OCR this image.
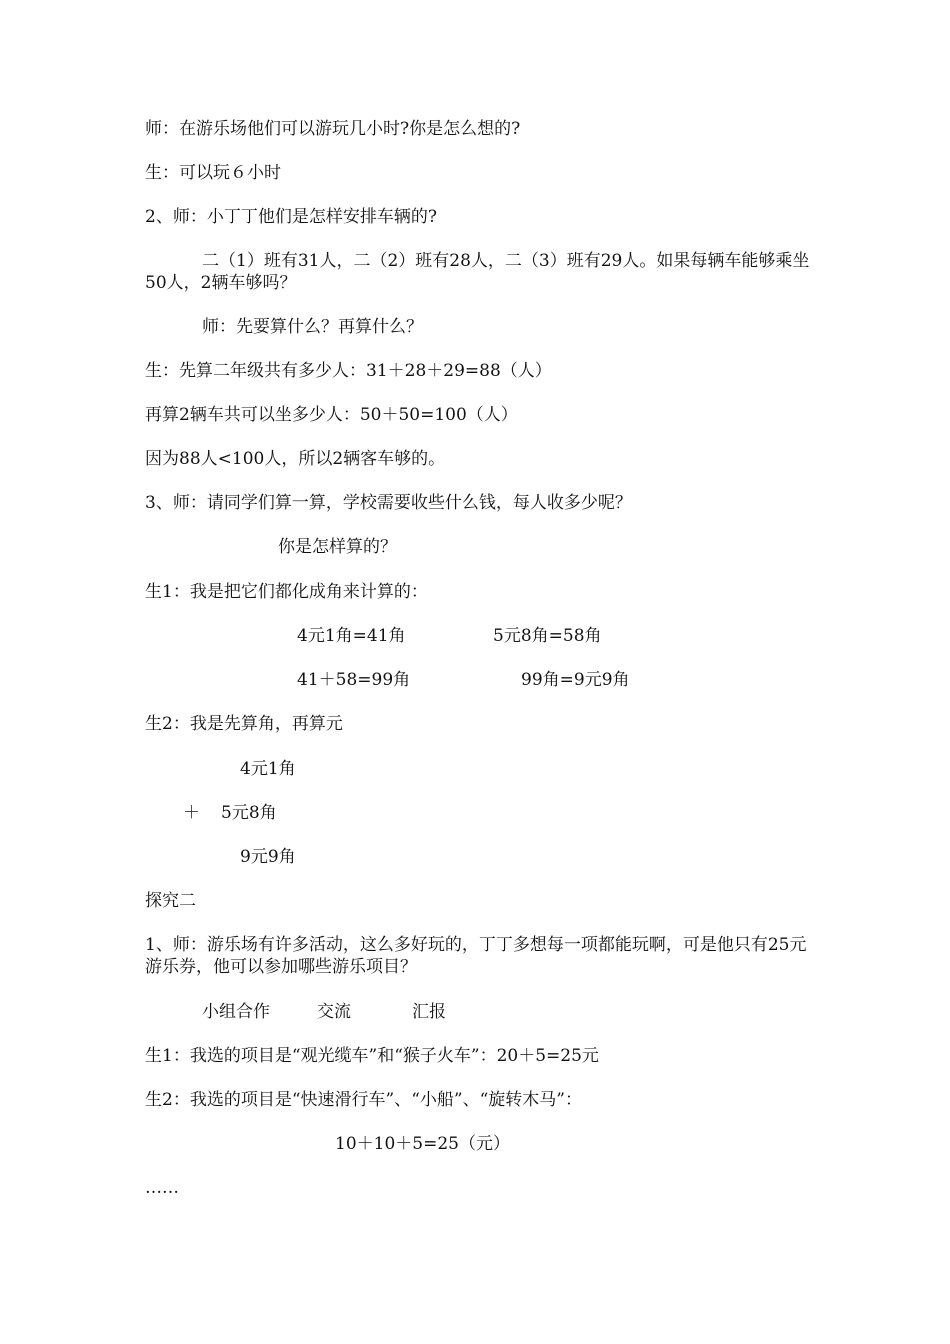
师：在游乐场他们可以游玩几小时?你是怎么想的?
生：可以玩６小时
2、师：小丁丁他们是怎样安排车辆的?
二（1）班有31人，二（2）班有28人，二（3）班有29人。如果每辆车能够乘坐50人，2辆车够吗？
师：先要算什么？再算什么？
生：先算二年级共有多少人：31＋28＋29=88（人）
再算2辆车共可以坐多少人：50＋50=100（人）
因为88人<100人，所以2辆客车够的。
3、师：请同学们算一算，学校需要收些什么钱，每人收多少呢？
你是怎样算的？
生1：我是把它们都化成角来计算的：
4元1角=41角	5元8角=58角
41＋58=99角	99角=9元9角
生2：我是先算角，再算元
4元1角
＋ 5元8角
9元9角
探究二
1、师：游乐场有许多活动，这么多好玩的，丁丁多想每一项都能玩啊，可是他只有25元游乐券，他可以参加哪些游乐项目？
小组合作	交流	汇报
生1：我选的项目是“观光缆车”和“猴子火车”：20＋5=25元
生2：我选的项目是“快速滑行车”、“小船”、“旋转木马”：
10＋10＋5=25（元）
……
